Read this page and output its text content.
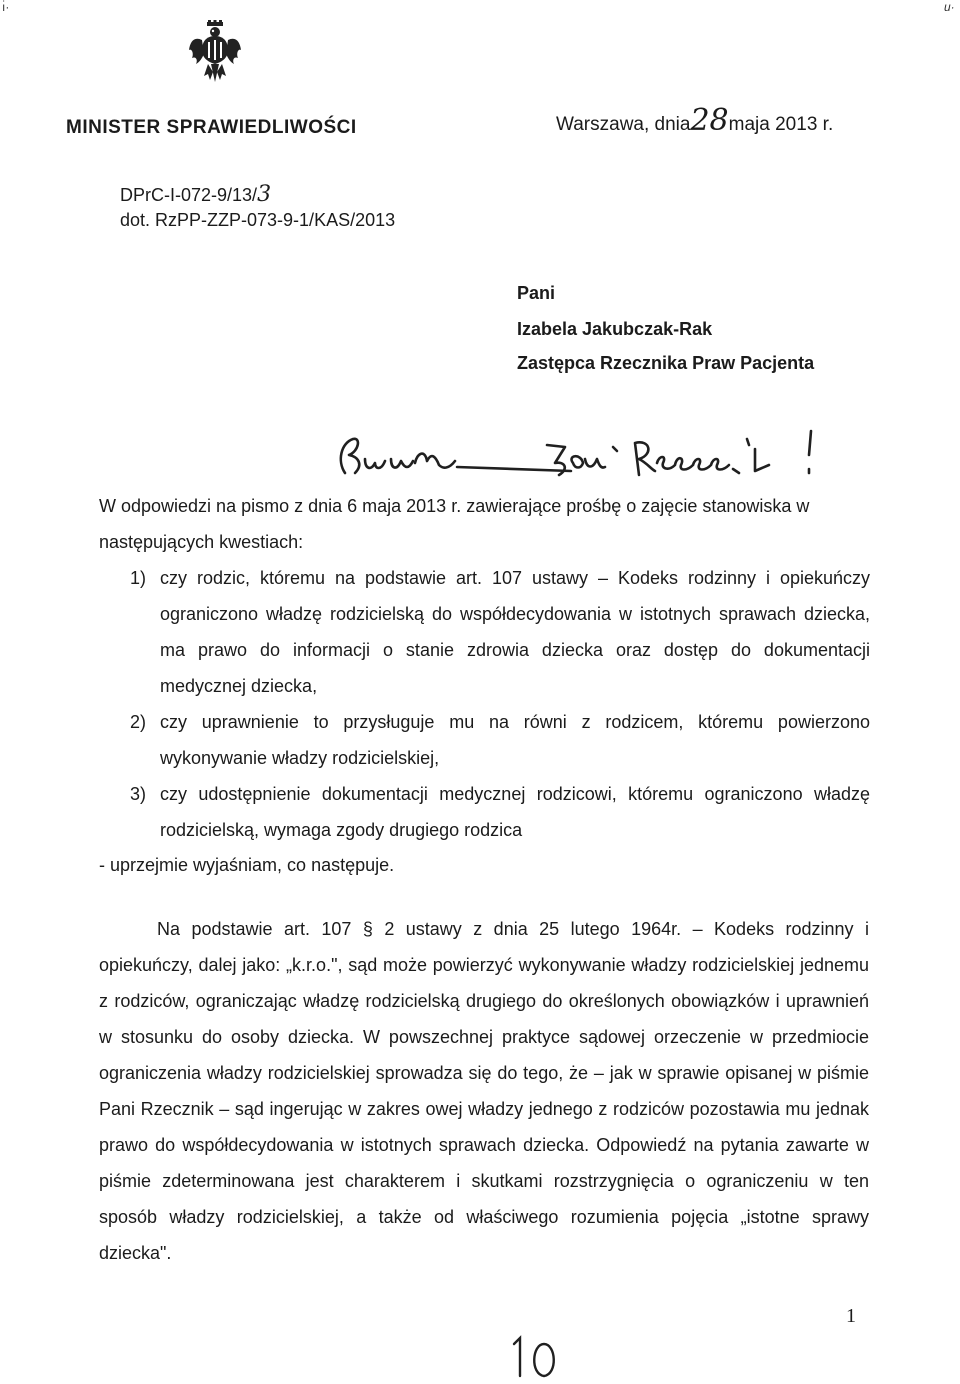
ı̇·	u·
MINISTER SPRAWIEDLIWOŚCI	Warszawa, dnia28maja 2013 r.
DPrC-I-072-9/13/3
dot. RzPP-ZZP-073-9-1/KAS/2013
Pani
Izabela Jakubczak-Rak
Zastępca Rzecznika Praw Pacjenta
W odpowiedzi na pismo z dnia 6 maja 2013 r. zawierające prośbę o zajęcie stanowiska w następujących kwestiach:
1) czy rodzic, któremu na podstawie art. 107 ustawy – Kodeks rodzinny i opiekuńczy ograniczono władzę rodzicielską do współdecydowania w istotnych sprawach dziecka, ma prawo do informacji o stanie zdrowia dziecka oraz dostęp do dokumentacji medycznej dziecka,
2) czy uprawnienie to przysługuje mu na równi z rodzicem, któremu powierzono wykonywanie władzy rodzicielskiej,
3) czy udostępnienie dokumentacji medycznej rodzicowi, któremu ograniczono władzę rodzicielską, wymaga zgody drugiego rodzica
- uprzejmie wyjaśniam, co następuje.
Na podstawie art. 107 § 2 ustawy z dnia 25 lutego 1964r. – Kodeks rodzinny i opiekuńczy, dalej jako: „k.r.o.", sąd może powierzyć wykonywanie władzy rodzicielskiej jednemu z rodziców, ograniczając władzę rodzicielską drugiego do określonych obowiązków i uprawnień w stosunku do osoby dziecka. W powszechnej praktyce sądowej orzeczenie w przedmiocie ograniczenia władzy rodzicielskiej sprowadza się do tego, że – jak w sprawie opisanej w piśmie Pani Rzecznik – sąd ingerując w zakres owej władzy jednego z rodziców pozostawia mu jednak prawo do współdecydowania w istotnych sprawach dziecka. Odpowiedź na pytania zawarte w piśmie zdeterminowana jest charakterem i skutkami rozstrzygnięcia o ograniczeniu w ten sposób władzy rodzicielskiej, a także od właściwego rozumienia pojęcia „istotne sprawy dziecka".
1
